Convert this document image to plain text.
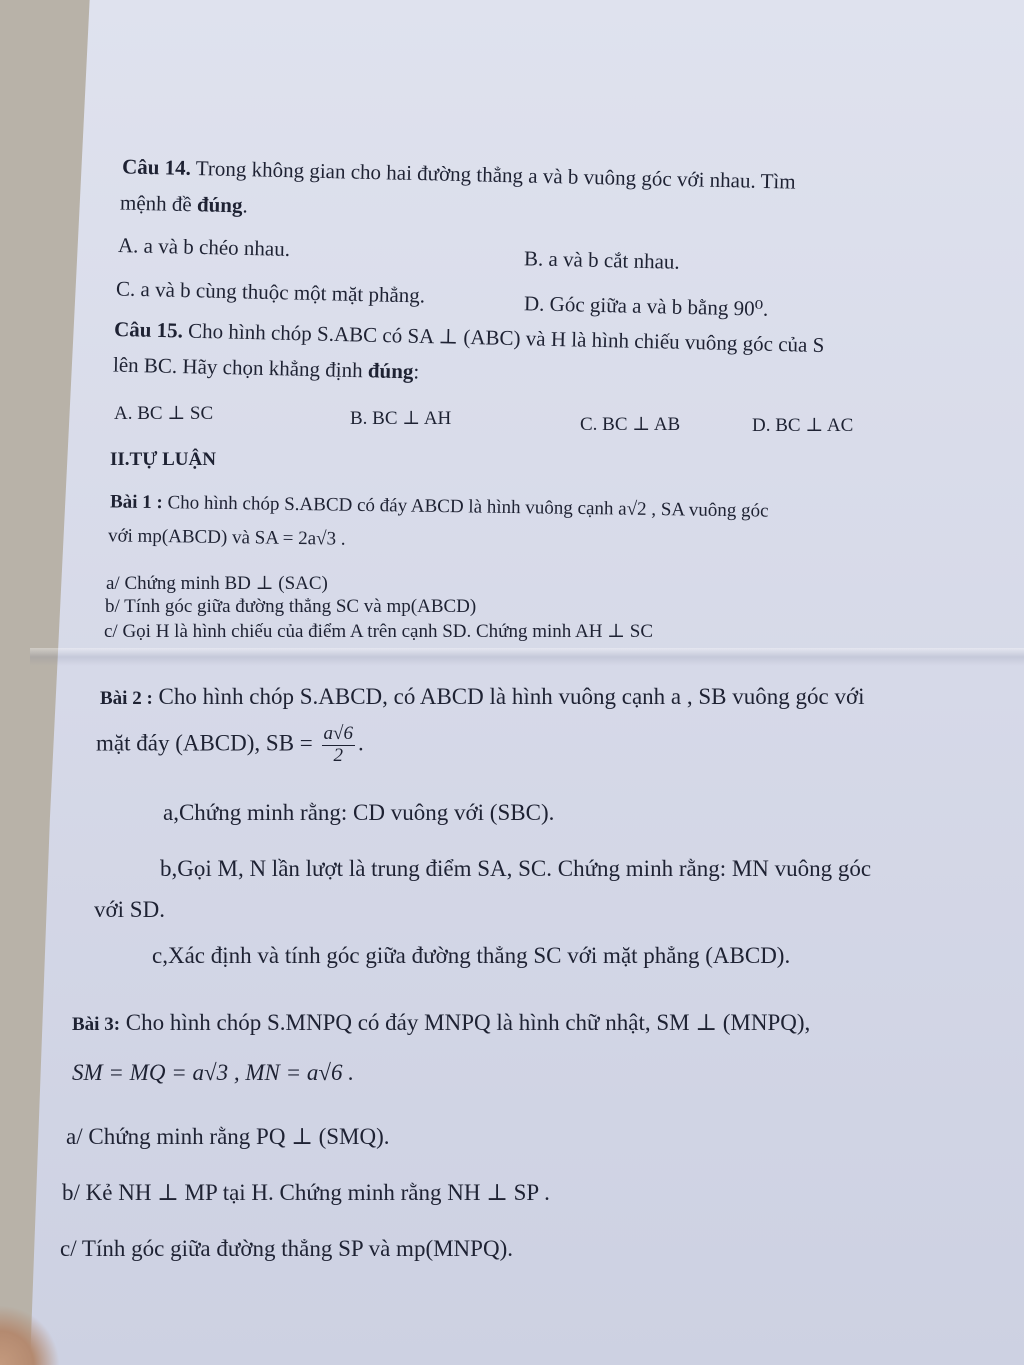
Câu 14. Trong không gian cho hai đường thẳng a và b vuông góc với nhau. Tìm
mệnh đề đúng.
A. a và b chéo nhau.	B. a và b cắt nhau.
C. a và b cùng thuộc một mặt phẳng.	D. Góc giữa a và b bằng 90⁰.
Câu 15. Cho hình chóp S.ABC có SA ⊥ (ABC) và H là hình chiếu vuông góc của S
lên BC. Hãy chọn khẳng định đúng:
A. BC ⊥ SC	B. BC ⊥ AH	C. BC ⊥ AB	D. BC ⊥ AC
II.TỰ LUẬN
Bài 1 : Cho hình chóp S.ABCD có đáy ABCD là hình vuông cạnh a√2 , SA vuông góc
với mp(ABCD) và SA = 2a√3 .
a/ Chứng minh BD ⊥ (SAC)
b/ Tính góc giữa đường thẳng SC và mp(ABCD)
c/ Gọi H là hình chiếu của điểm A trên cạnh SD. Chứng minh AH ⊥ SC
Bài 2 : Cho hình chóp S.ABCD, có ABCD là hình vuông cạnh a , SB vuông góc với
mặt đáy (ABCD), SB = $\frac{a√6}{2}$ .
a,Chứng minh rằng: CD vuông với (SBC).
b,Gọi M, N lần lượt là trung điểm SA, SC. Chứng minh rằng: MN vuông góc
với SD.
c,Xác định và tính góc giữa đường thẳng SC với mặt phẳng (ABCD).
Bài 3: Cho hình chóp S.MNPQ có đáy MNPQ là hình chữ nhật, SM ⊥ (MNPQ),
SM = MQ = a√3 , MN = a√6 .
a/ Chứng minh rằng PQ ⊥ (SMQ).
b/ Kẻ NH ⊥ MP tại H. Chứng minh rằng NH ⊥ SP .
c/ Tính góc giữa đường thẳng SP và mp(MNPQ).
